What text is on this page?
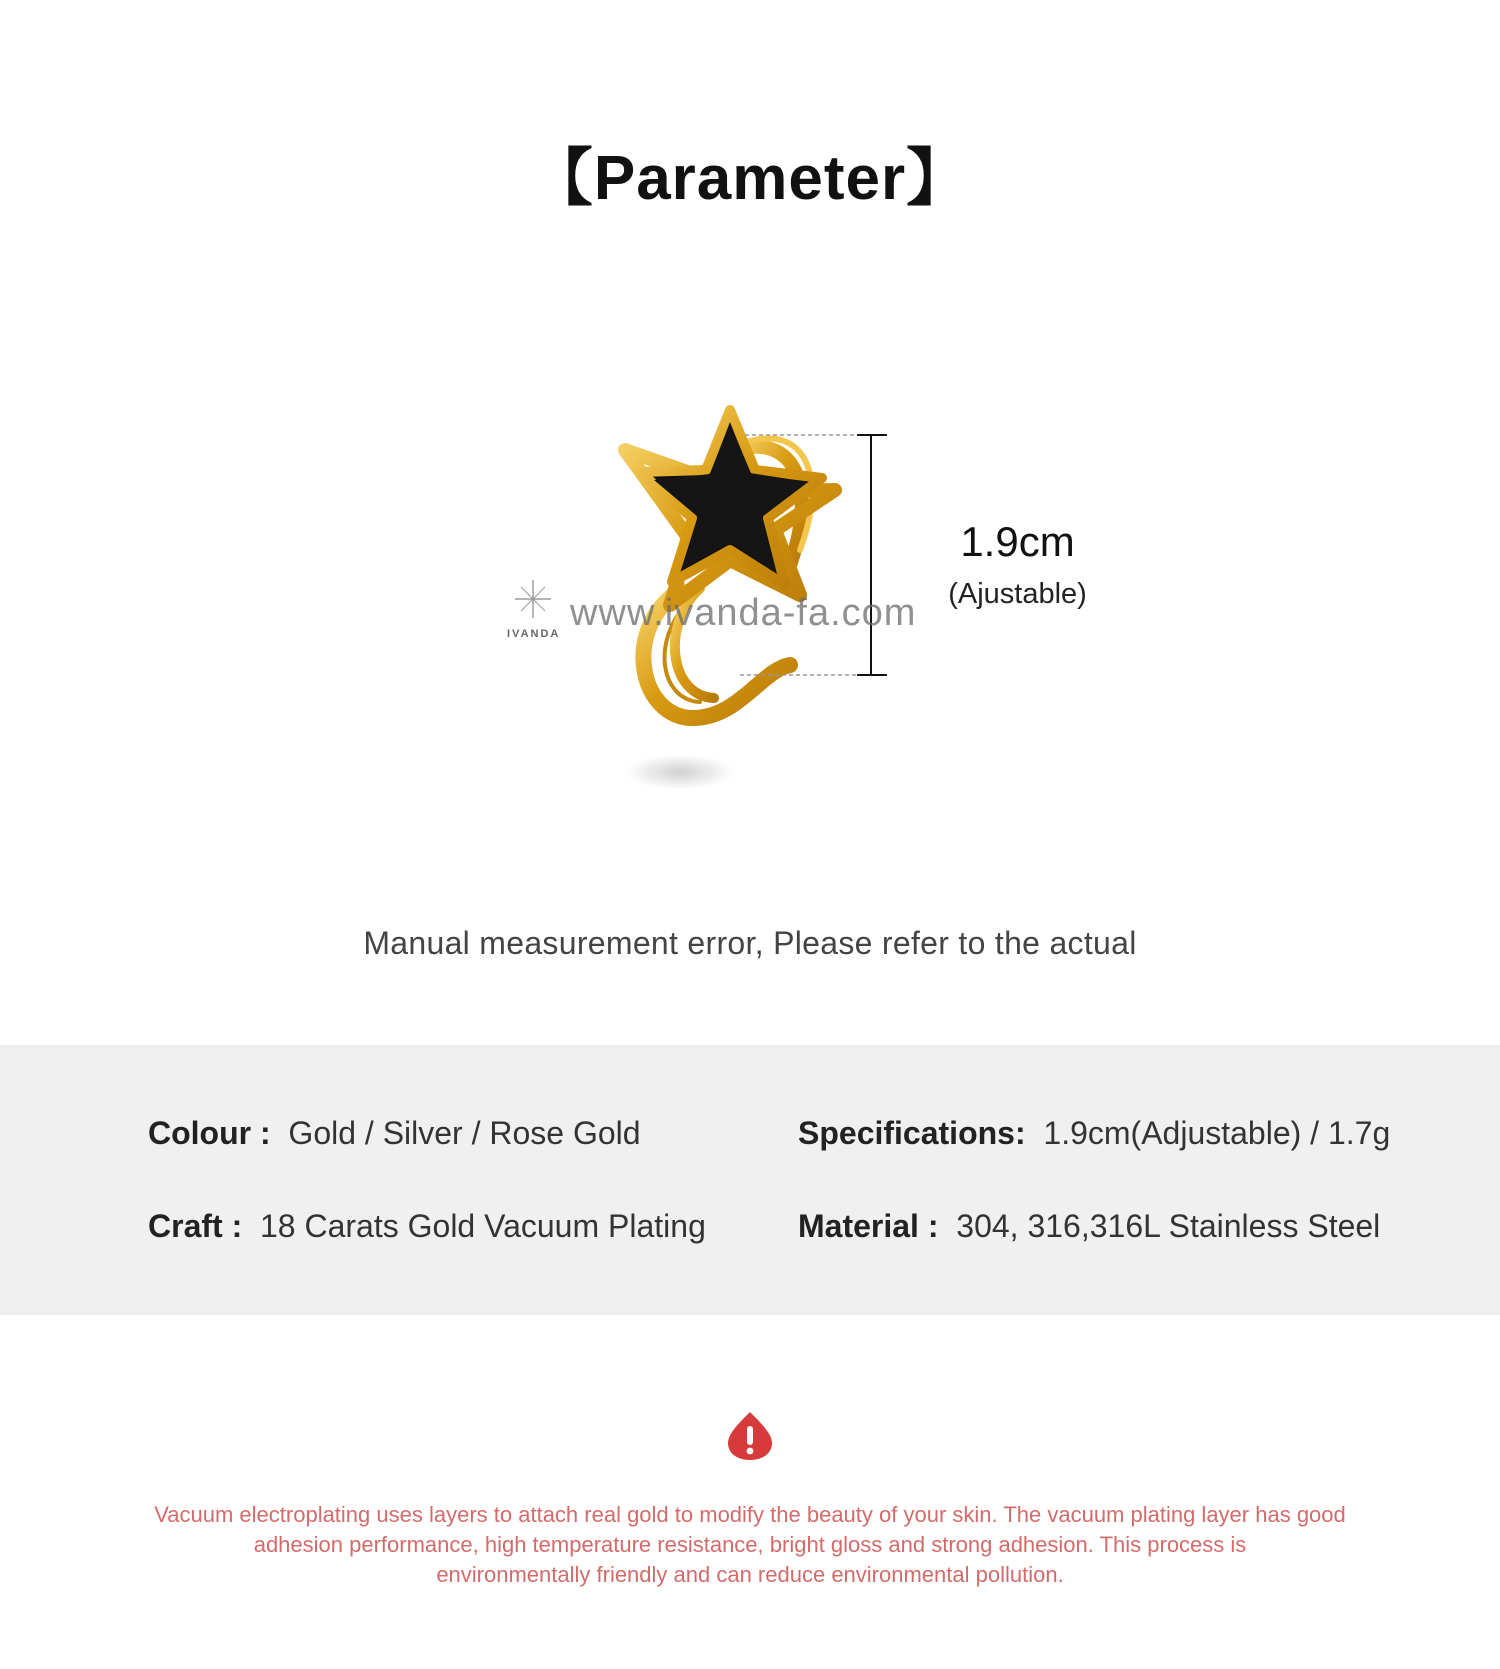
【Parameter】
IVANDA www.ivanda-fa.com
1.9cm
(Ajustable)
Manual measurement error, Please refer to the actual
Colour : Gold / Silver / Rose Gold
Craft : 18 Carats Gold Vacuum Plating
Specifications: 1.9cm(Adjustable) / 1.7g
Material : 304, 316,316L Stainless Steel
Vacuum electroplating uses layers to attach real gold to modify the beauty of your skin. The vacuum plating layer has good
adhesion performance, high temperature resistance, bright gloss and strong adhesion. This process is
environmentally friendly and can reduce environmental pollution.
